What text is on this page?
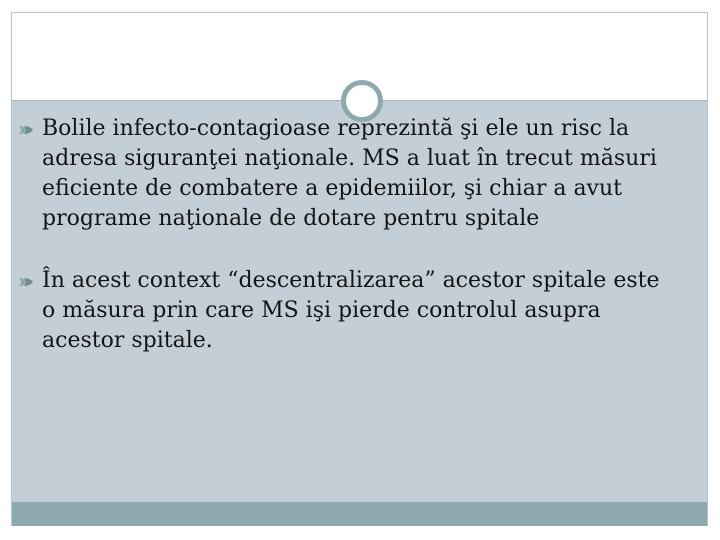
Bolile infecto-contagioase reprezintă şi ele un risc la adresa siguranţei naţionale. MS a luat în trecut măsuri eficiente de combatere a epidemiilor, şi chiar a avut programe naţionale de dotare pentru spitale
În acest context “descentralizarea” acestor spitale este o măsura prin care MS işi pierde controlul asupra acestor spitale.
